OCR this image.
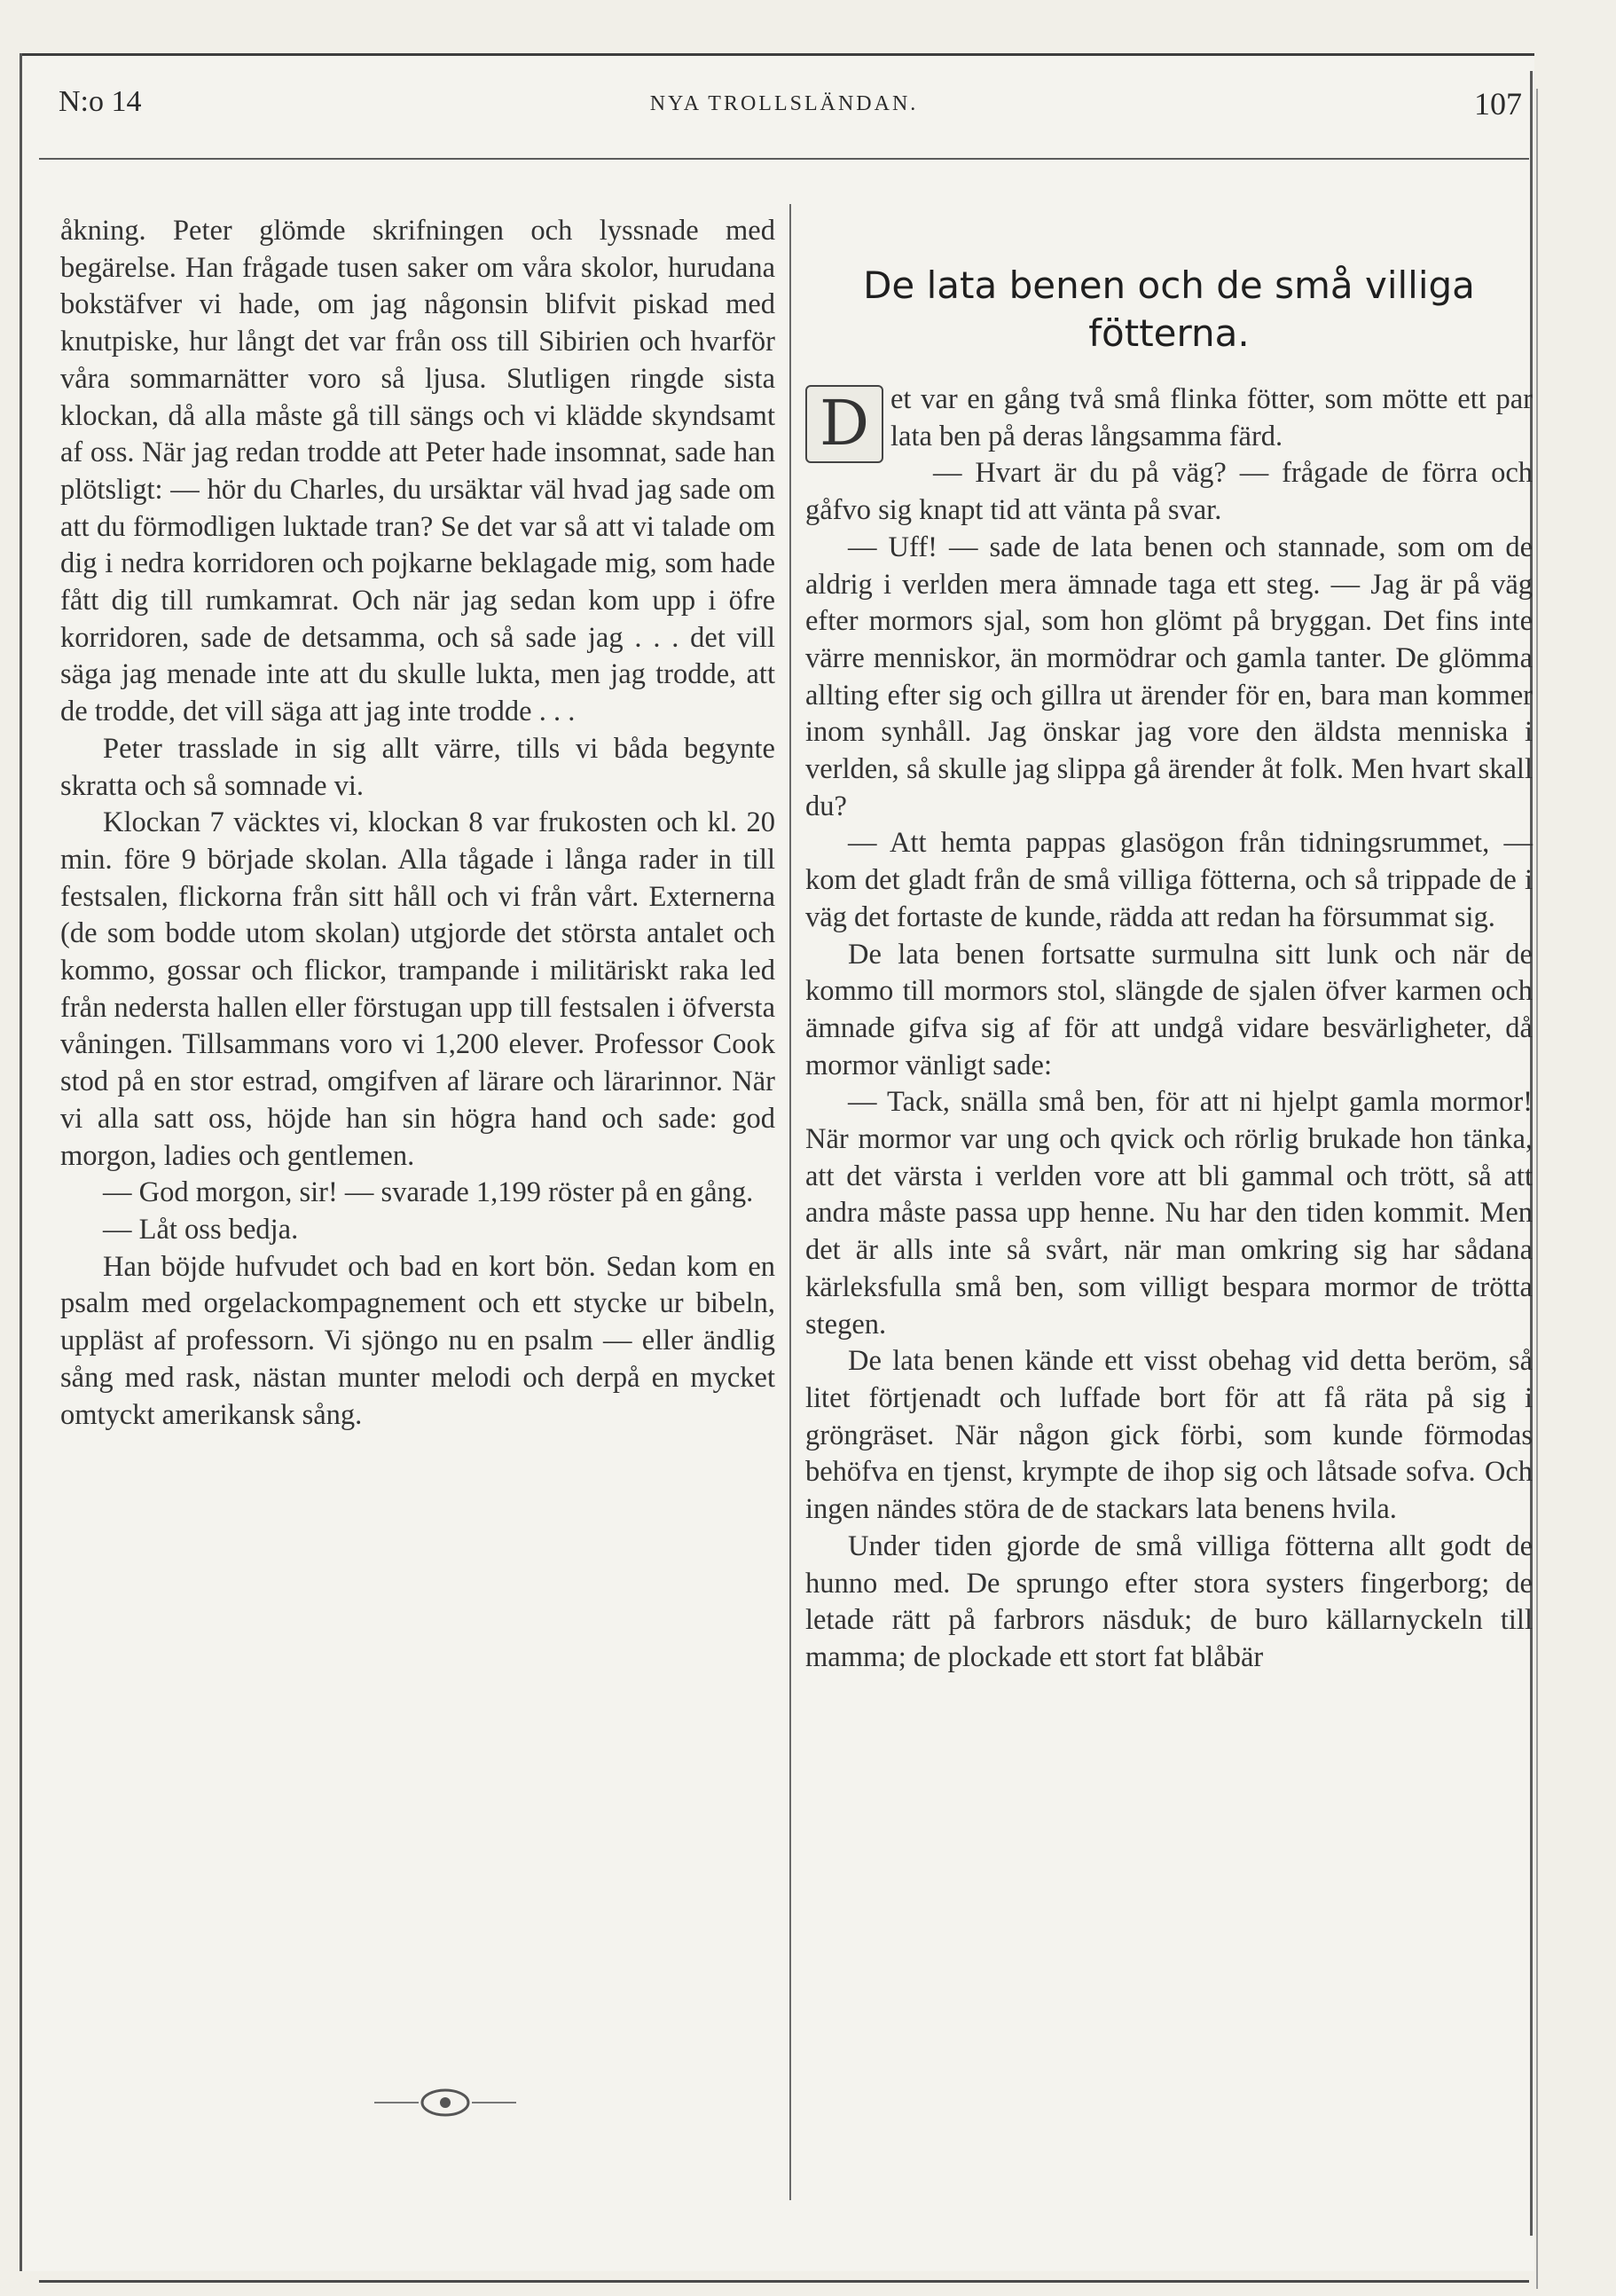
N:o 14	NYA TROLLSLÄNDAN.	107

åkning. Peter glömde skrifningen och lyssnade med begärelse. Han frågade tusen saker om våra skolor, hurudana bokstäfver vi hade, om jag någonsin blifvit piskad med knutpiske, hur långt det var från oss till Sibirien och hvarför våra sommarnätter voro så ljusa. Slutligen ringde sista klockan, då alla måste gå till sängs och vi klädde skyndsamt af oss. När jag redan trodde att Peter hade insomnat, sade han plötsligt: — hör du Charles, du ursäktar väl hvad jag sade om att du förmodligen luktade tran? Se det var så att vi talade om dig i nedra korridoren och pojkarne beklagade mig, som hade fått dig till rumkamrat. Och när jag sedan kom upp i öfre korridoren, sade de detsamma, och så sade jag . . . det vill säga jag menade inte att du skulle lukta, men jag trodde, att de trodde, det vill säga att jag inte trodde . . .

Peter trasslade in sig allt värre, tills vi båda begynte skratta och så somnade vi.

Klockan 7 väcktes vi, klockan 8 var frukosten och kl. 20 min. före 9 började skolan. Alla tågade i långa rader in till festsalen, flickorna från sitt håll och vi från vårt. Externerna (de som bodde utom skolan) utgjorde det största antalet och kommo, gossar och flickor, trampande i militäriskt raka led från nedersta hallen eller förstugan upp till festsalen i öfversta våningen. Tillsammans voro vi 1,200 elever. Professor Cook stod på en stor estrad, omgifven af lärare och lärarinnor. När vi alla satt oss, höjde han sin högra hand och sade: god morgon, ladies och gentlemen.

— God morgon, sir! — svarade 1,199 röster på en gång.

— Låt oss bedja.

Han böjde hufvudet och bad en kort bön. Sedan kom en psalm med orgelackompagnement och ett stycke ur bibeln, uppläst af professorn. Vi sjöngo nu en psalm — eller ändlig sång med rask, nästan munter melodi och derpå en mycket omtyckt amerikansk sång.

De lata benen och de små villiga fötterna.

D et var en gång två små flinka fötter, som mötte ett par lata ben på deras långsamma färd.

— Hvart är du på väg? — frågade de förra och gåfvo sig knapt tid att vänta på svar.

— Uff! — sade de lata benen och stannade, som om de aldrig i verlden mera ämnade taga ett steg. — Jag är på väg efter mormors sjal, som hon glömt på bryggan. Det fins inte värre menniskor, än mormödrar och gamla tanter. De glömma allting efter sig och gillra ut ärender för en, bara man kommer inom synhåll. Jag önskar jag vore den äldsta menniska i verlden, så skulle jag slippa gå ärender åt folk. Men hvart skall du?

— Att hemta pappas glasögon från tidningsrummet, — kom det gladt från de små villiga fötterna, och så trippade de i väg det fortaste de kunde, rädda att redan ha försummat sig.

De lata benen fortsatte surmulna sitt lunk och när de kommo till mormors stol, slängde de sjalen öfver karmen och ämnade gifva sig af för att undgå vidare besvärligheter, då mormor vänligt sade:

— Tack, snälla små ben, för att ni hjelpt gamla mormor! När mormor var ung och qvick och rörlig brukade hon tänka, att det värsta i verlden vore att bli gammal och trött, så att andra måste passa upp henne. Nu har den tiden kommit. Men det är alls inte så svårt, när man omkring sig har sådana kärleksfulla små ben, som villigt bespara mormor de trötta stegen.

De lata benen kände ett visst obehag vid detta beröm, så litet förtjenadt och luffade bort för att få räta på sig i gröngräset. När någon gick förbi, som kunde förmodas behöfva en tjenst, krympte de ihop sig och låtsade sofva. Och ingen nändes störa de de stackars lata benens hvila.

Under tiden gjorde de små villiga fötterna allt godt de hunno med. De sprungo efter stora systers fingerborg; de letade rätt på farbrors näsduk; de buro källarnyckeln till mamma; de plockade ett stort fat blåbär
